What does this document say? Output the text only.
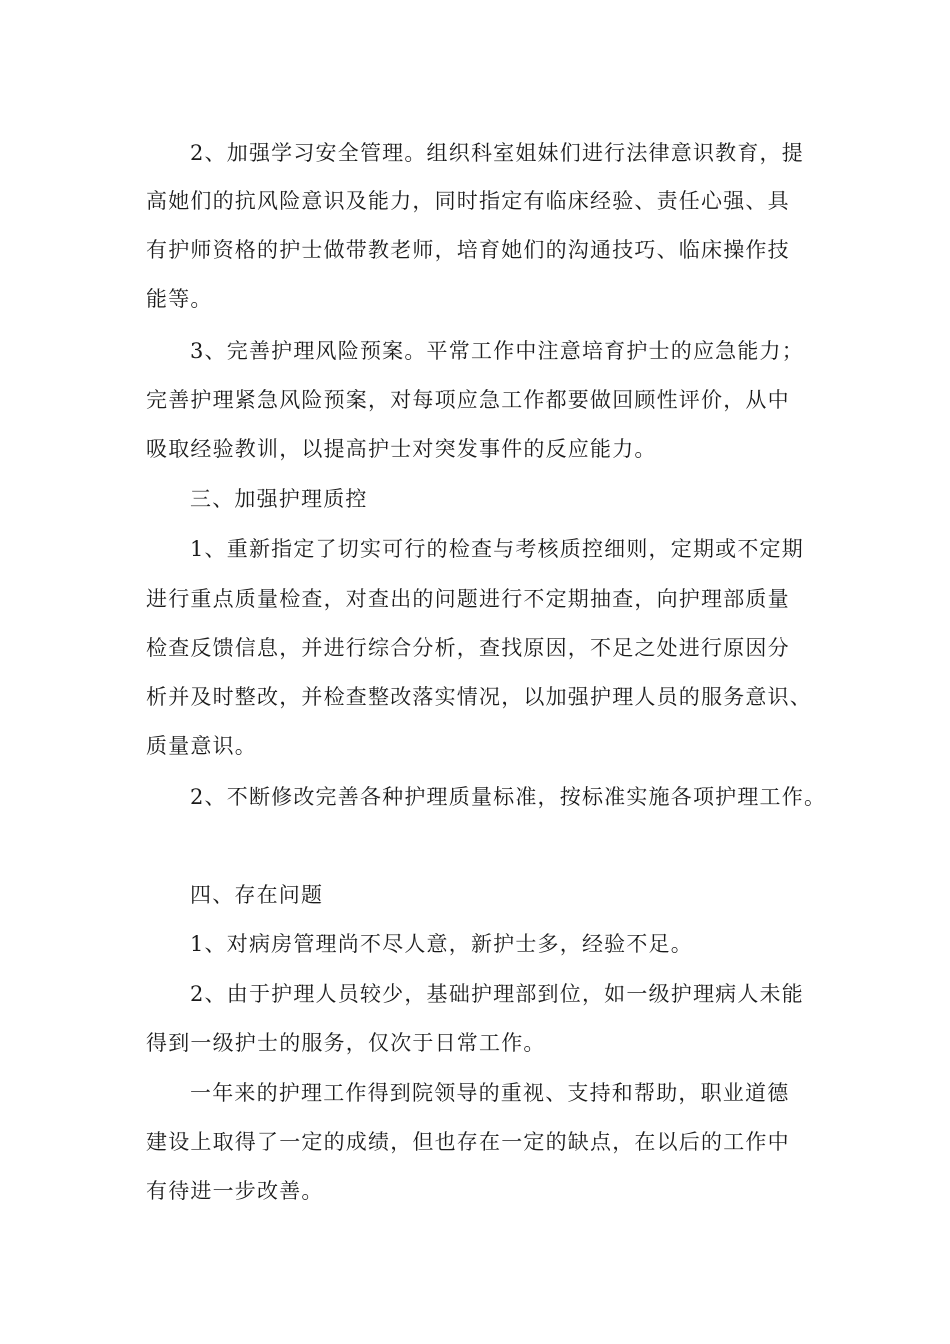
2、加强学习安全管理。组织科室姐妹们进行法律意识教育，提
高她们的抗风险意识及能力，同时指定有临床经验、责任心强、具
有护师资格的护士做带教老师，培育她们的沟通技巧、临床操作技
能等。
3、完善护理风险预案。平常工作中注意培育护士的应急能力；
完善护理紧急风险预案，对每项应急工作都要做回顾性评价，从中
吸取经验教训，以提高护士对突发事件的反应能力。
三、加强护理质控
1、重新指定了切实可行的检查与考核质控细则，定期或不定期
进行重点质量检查，对查出的问题进行不定期抽查，向护理部质量
检查反馈信息，并进行综合分析，查找原因，不足之处进行原因分
析并及时整改，并检查整改落实情况，以加强护理人员的服务意识、
质量意识。
2、不断修改完善各种护理质量标准，按标准实施各项护理工作。
四、存在问题
1、对病房管理尚不尽人意，新护士多，经验不足。
2、由于护理人员较少，基础护理部到位，如一级护理病人未能
得到一级护士的服务，仅次于日常工作。
一年来的护理工作得到院领导的重视、支持和帮助，职业道德
建设上取得了一定的成绩，但也存在一定的缺点，在以后的工作中
有待进一步改善。
